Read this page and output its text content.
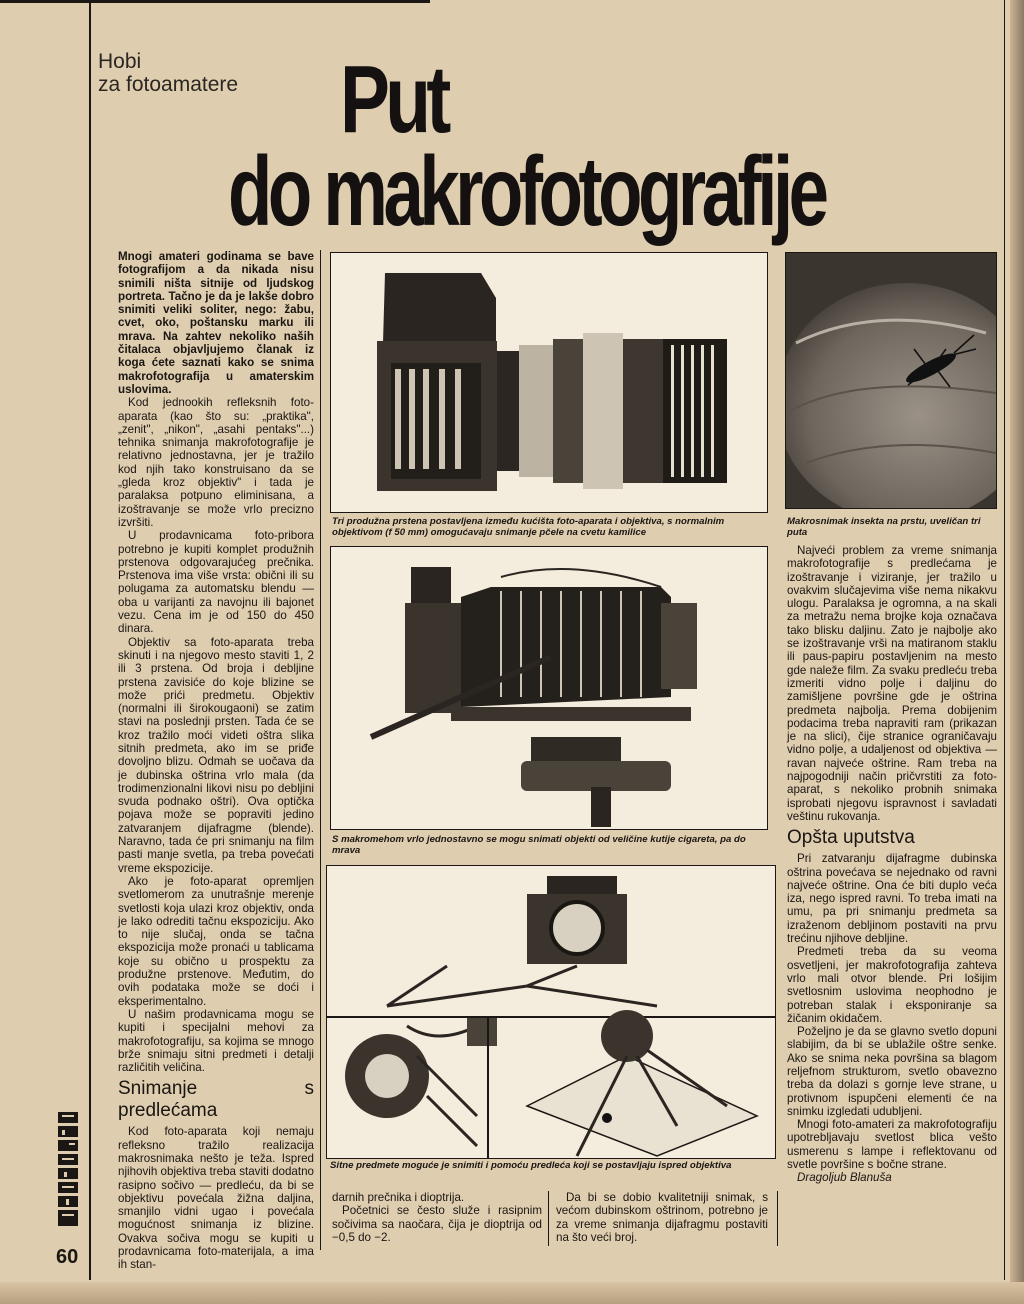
Hobi
za fotoamatere Put
do makrofotografije
60

Mnogi amateri godinama se bave fotografijom a da nikada nisu snimili ništa sitnije od ljudskog portreta. Tačno je da je lakše dobro snimiti veliki soliter, nego: žabu, cvet, oko, poštansku marku ili mrava. Na zahtev nekoliko naših čitalaca objavljujemo članak iz koga ćete saznati kako se snima makrofotografija u amaterskim uslovima.

Kod jednookih refleksnih foto-aparata (kao što su: „praktika", „zenit", „nikon", „asahi pentaks"...) tehnika snimanja makrofotografije je relativno jednostavna, jer je tražilo kod njih tako konstruisano da se „gleda kroz objektiv" i tada je paralaksa potpuno eliminisana, a izoštravanje se može vrlo precizno izvršiti.

U prodavnicama foto-pribora potrebno je kupiti komplet produžnih prstenova odgovarajućeg prečnika. Prstenova ima više vrsta: obični ili su polugama za automatsku blendu — oba u varijanti za navojnu ili bajonet vezu. Cena im je od 150 do 450 dinara.

Objektiv sa foto-aparata treba skinuti i na njegovo mesto staviti 1, 2 ili 3 prstena. Od broja i debljine prstena zavisiće do koje blizine se može prići predmetu. Objektiv (normalni ili širokougaoni) se zatim stavi na poslednji prsten. Tada će se kroz tražilo moći videti oštra slika sitnih predmeta, ako im se priđe dovoljno blizu. Odmah se uočava da je dubinska oštrina vrlo mala (da trodimenzionalni likovi nisu po debljini svuda podnako oštri). Ova optička pojava može se popraviti jedino zatvaranjem dijafragme (blende). Naravno, tada će pri snimanju na film pasti manje svetla, pa treba povećati vreme ekspozicije.

Ako je foto-aparat opremljen svetlomerom za unutrašnje merenje svetlosti koja ulazi kroz objektiv, onda je lako odrediti tačnu ekspoziciju. Ako to nije slučaj, onda se tačna ekspozicija može pronaći u tablicama koje su obično u prospektu za produžne prstenove. Međutim, do ovih podataka može se doći i eksperimentalno.

U našim prodavnicama mogu se kupiti i specijalni mehovi za makrofotografiju, sa kojima se mnogo brže snimaju sitni predmeti i detalji različitih veličina.

Snimanje s predlećama

Kod foto-aparata koji nemaju refleksno tražilo realizacija makrosnimaka nešto je teža. Ispred njihovih objektiva treba staviti dodatno rasipno sočivo — predleću, da bi se objektivu povećala žižna daljina, smanjilo vidni ugao i povećala mogućnost snimanja iz blizine. Ovakva sočiva mogu se kupiti u prodavnicama foto-materijala, a ima ih stan-

Tri produžna prstena postavljena između kućišta foto-aparata i objektiva, s normalnim objektivom (f 50 mm) omogućavaju snimanje pčele na cvetu kamilice
Makrosnimak insekta na prstu, uveličan tri puta
S makromehom vrlo jednostavno se mogu snimati objekti od veličine kutije cigareta, pa do mrava
Sitne predmete moguće je snimiti i pomoću predleća koji se postavljaju ispred objektiva

darnih prečnika i dioptrija.

Početnici se često služe i rasipnim sočivima sa naočara, čija je dioptrija od −0,5 do −2.

Da bi se dobio kvalitetniji snimak, s većom dubinskom oštrinom, potrebno je za vreme snimanja dijafragmu postaviti na što veći broj.

Najveći problem za vreme snimanja makrofotografije s predlećama je izoštravanje i viziranje, jer tražilo u ovakvim slučajevima više nema nikakvu ulogu. Paralaksa je ogromna, a na skali za metražu nema brojke koja označava tako blisku daljinu. Zato je najbolje ako se izoštravanje vrši na matiranom staklu ili paus-papiru postavljenim na mesto gde naleže film. Za svaku predleću treba izmeriti vidno polje i daljinu do zamišljene površine gde je oštrina predmeta najbolja. Prema dobijenim podacima treba napraviti ram (prikazan je na slici), čije stranice ograničavaju vidno polje, a udaljenost od objektiva — ravan najveće oštrine. Ram treba na najpogodniji način pričvrstiti za foto-aparat, s nekoliko probnih snimaka isprobati njegovu ispravnost i savladati veštinu rukovanja.

Opšta uputstva

Pri zatvaranju dijafragme dubinska oštrina povećava se nejednako od ravni najveće oštrine. Ona će biti duplo veća iza, nego ispred ravni. To treba imati na umu, pa pri snimanju predmeta sa izraženom debljinom postaviti na prvu trećinu njihove debljine.

Predmeti treba da su veoma osvetljeni, jer makrofotografija zahteva vrlo mali otvor blende. Pri lošijim svetlosnim uslovima neophodno je potreban stalak i eksponiranje sa žičanim okidačem.

Poželjno je da se glavno svetlo dopuni slabijim, da bi se ublažile oštre senke. Ako se snima neka površina sa blagom reljefnom strukturom, svetlo obavezno treba da dolazi s gornje leve strane, u protivnom ispupčeni elementi će na snimku izgledati udubljeni.

Mnogi foto-amateri za makrofotografiju upotrebljavaju svetlost blica vešto usmerenu s lampe i reflektovanu od svetle površine s bočne strane.

Dragoljub Blanuša
